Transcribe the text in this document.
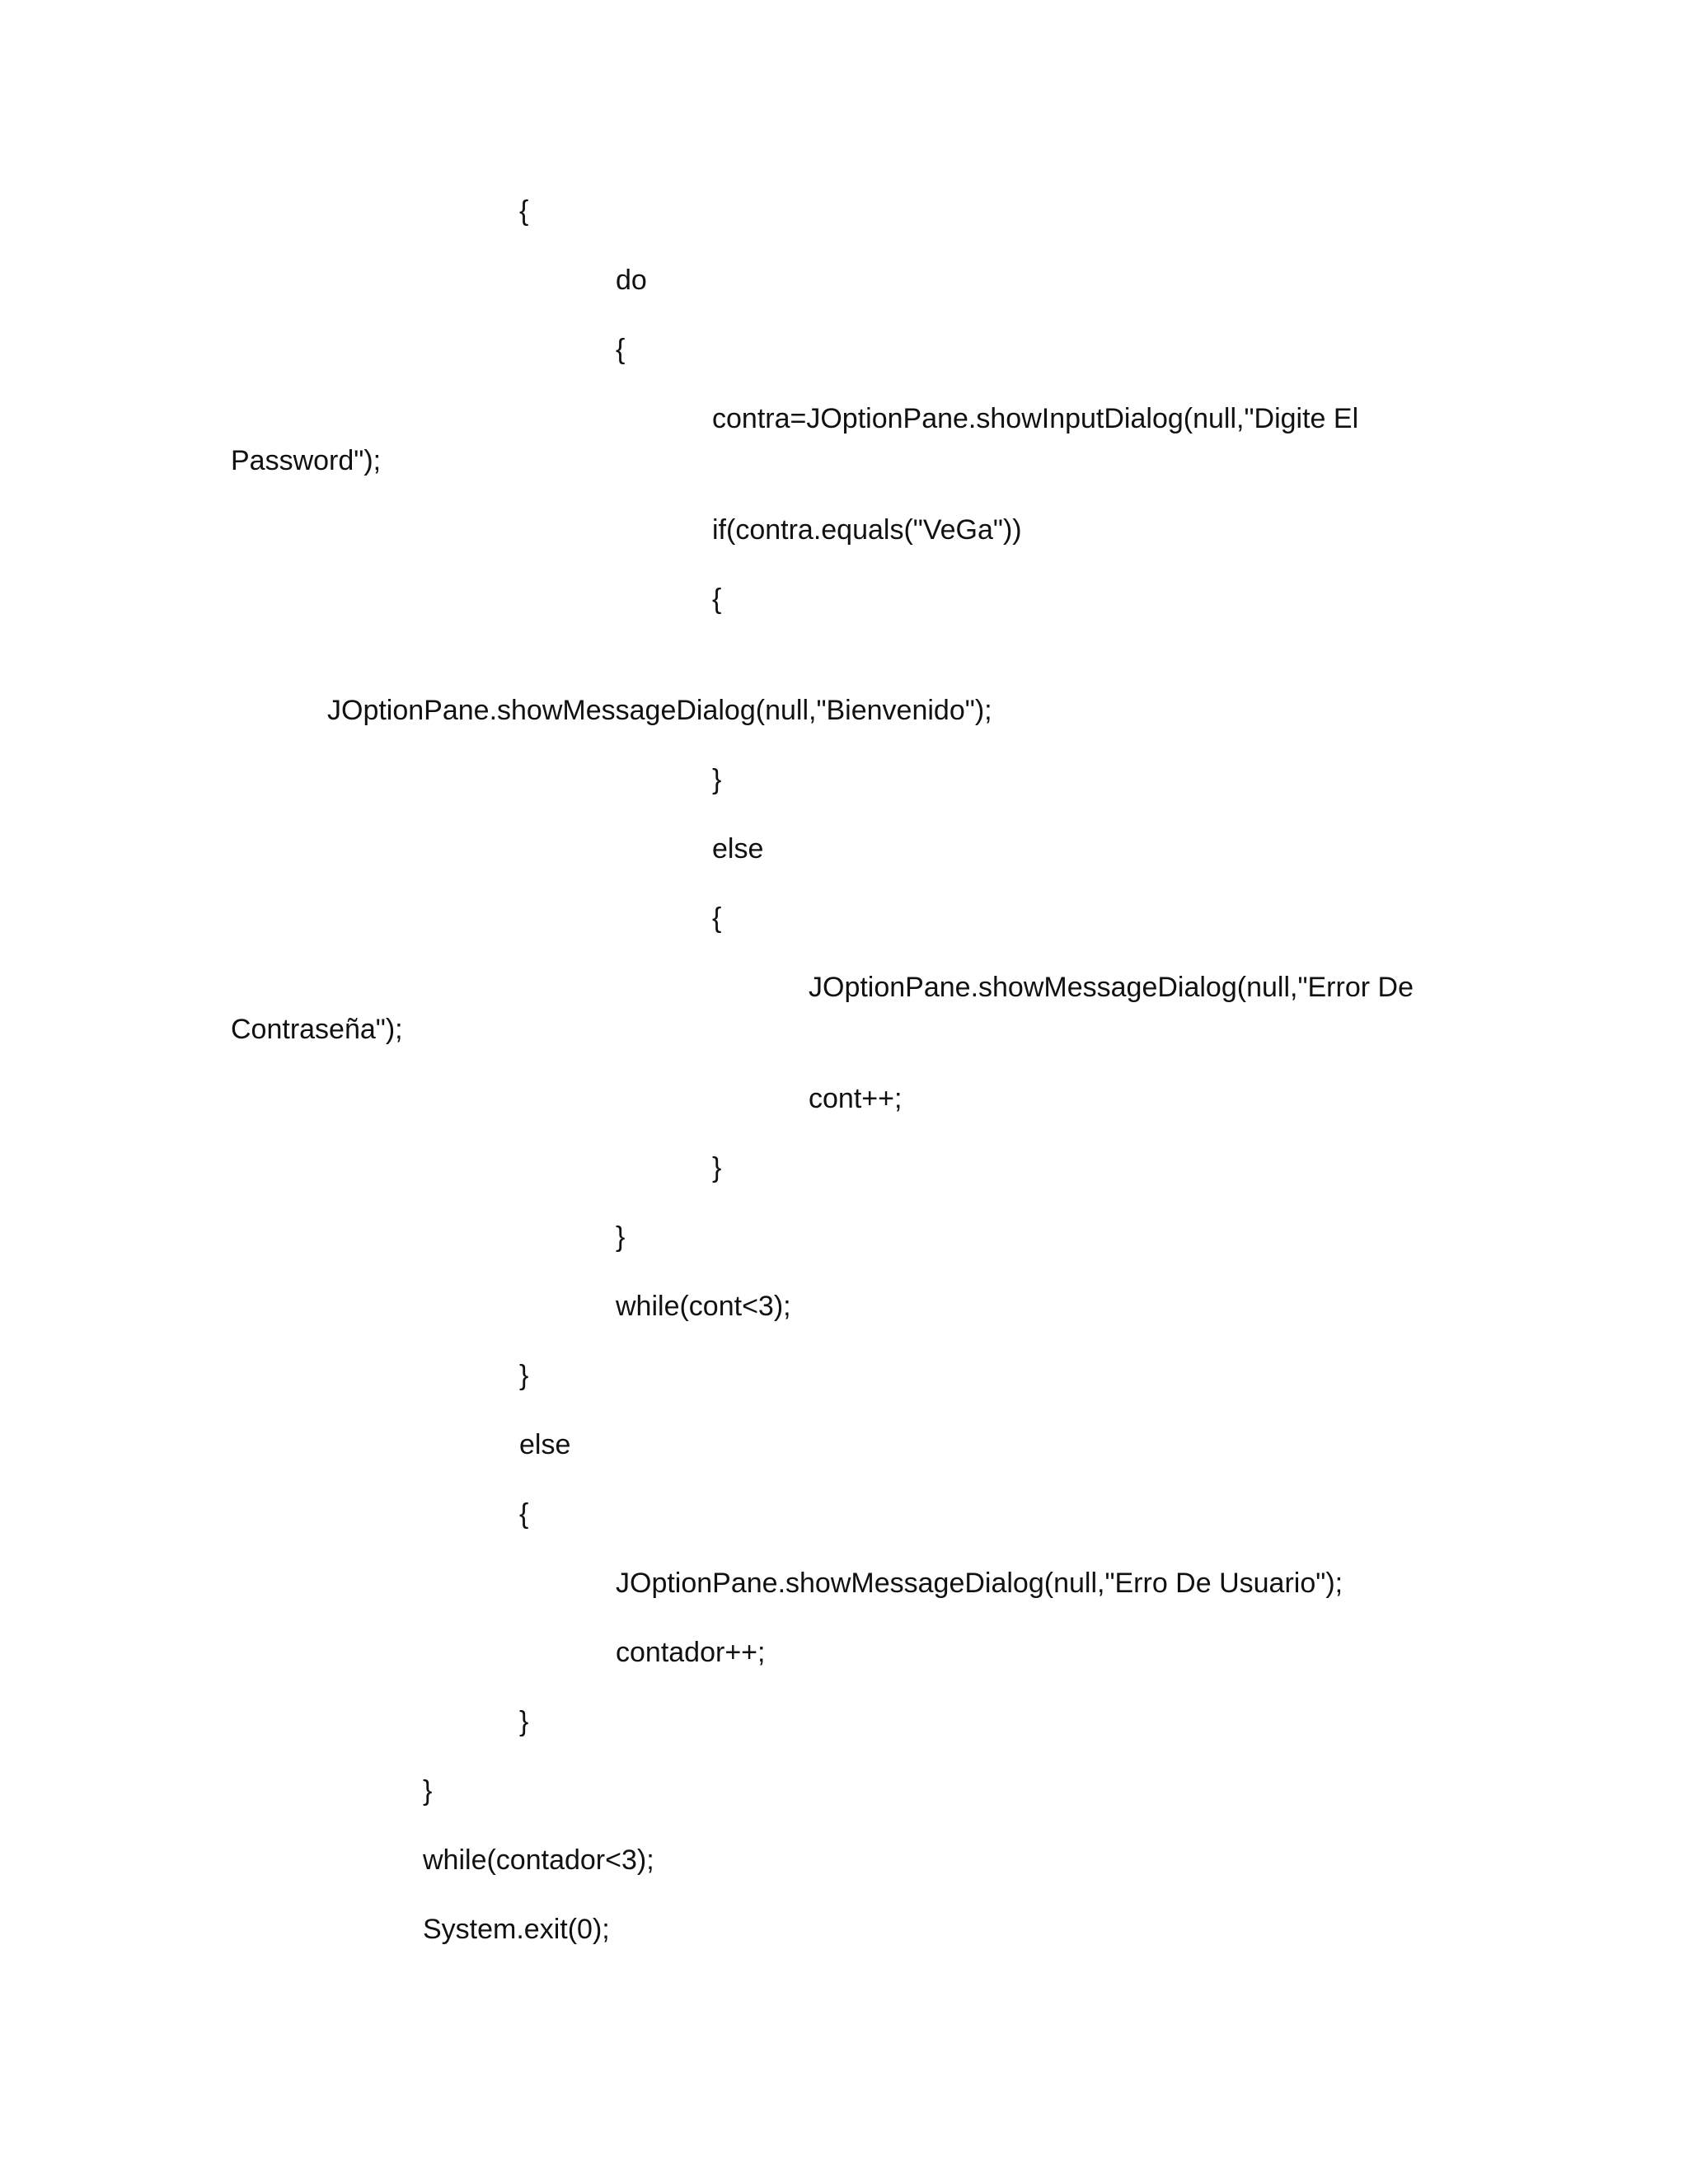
{
do
{
contra=JOptionPane.showInputDialog(null,"Digite El
Password");
if(contra.equals("VeGa"))
{
JOptionPane.showMessageDialog(null,"Bienvenido");
}
else
{
JOptionPane.showMessageDialog(null,"Error De
Contraseña");
cont++;
}
}
while(cont<3);
}
else
{
JOptionPane.showMessageDialog(null,"Erro De Usuario");
contador++;
}
}
while(contador<3);
System.exit(0);
